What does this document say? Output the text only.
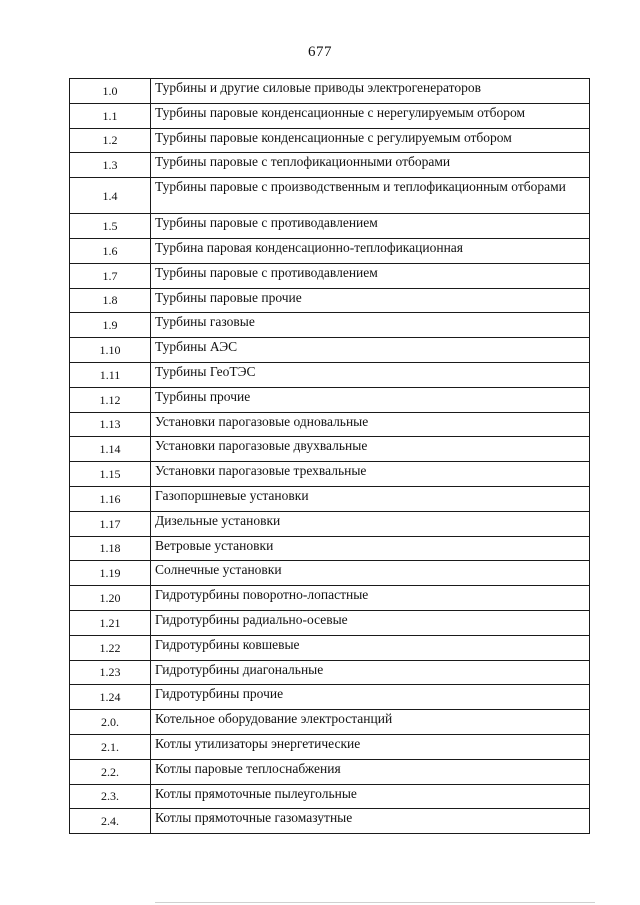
677
1.0	Турбины и другие силовые приводы электрогенераторов
1.1	Турбины паровые конденсационные с нерегулируемым отбором
1.2	Турбины паровые конденсационные с регулируемым отбором
1.3	Турбины паровые с теплофикационными отборами
1.4	Турбины паровые с производственным и теплофикационным отборами
1.5	Турбины паровые с противодавлением
1.6	Турбина паровая конденсационно-теплофикационная
1.7	Турбины паровые с противодавлением
1.8	Турбины паровые прочие
1.9	Турбины газовые
1.10	Турбины АЭС
1.11	Турбины ГеоТЭС
1.12	Турбины прочие
1.13	Установки парогазовые одновальные
1.14	Установки парогазовые двухвальные
1.15	Установки парогазовые трехвальные
1.16	Газопоршневые установки
1.17	Дизельные установки
1.18	Ветровые установки
1.19	Солнечные установки
1.20	Гидротурбины поворотно-лопастные
1.21	Гидротурбины радиально-осевые
1.22	Гидротурбины ковшевые
1.23	Гидротурбины диагональные
1.24	Гидротурбины прочие
2.0.	Котельное оборудование электростанций
2.1.	Котлы утилизаторы энергетические
2.2.	Котлы паровые теплоснабжения
2.3.	Котлы прямоточные пылеугольные
2.4.	Котлы прямоточные газомазутные
